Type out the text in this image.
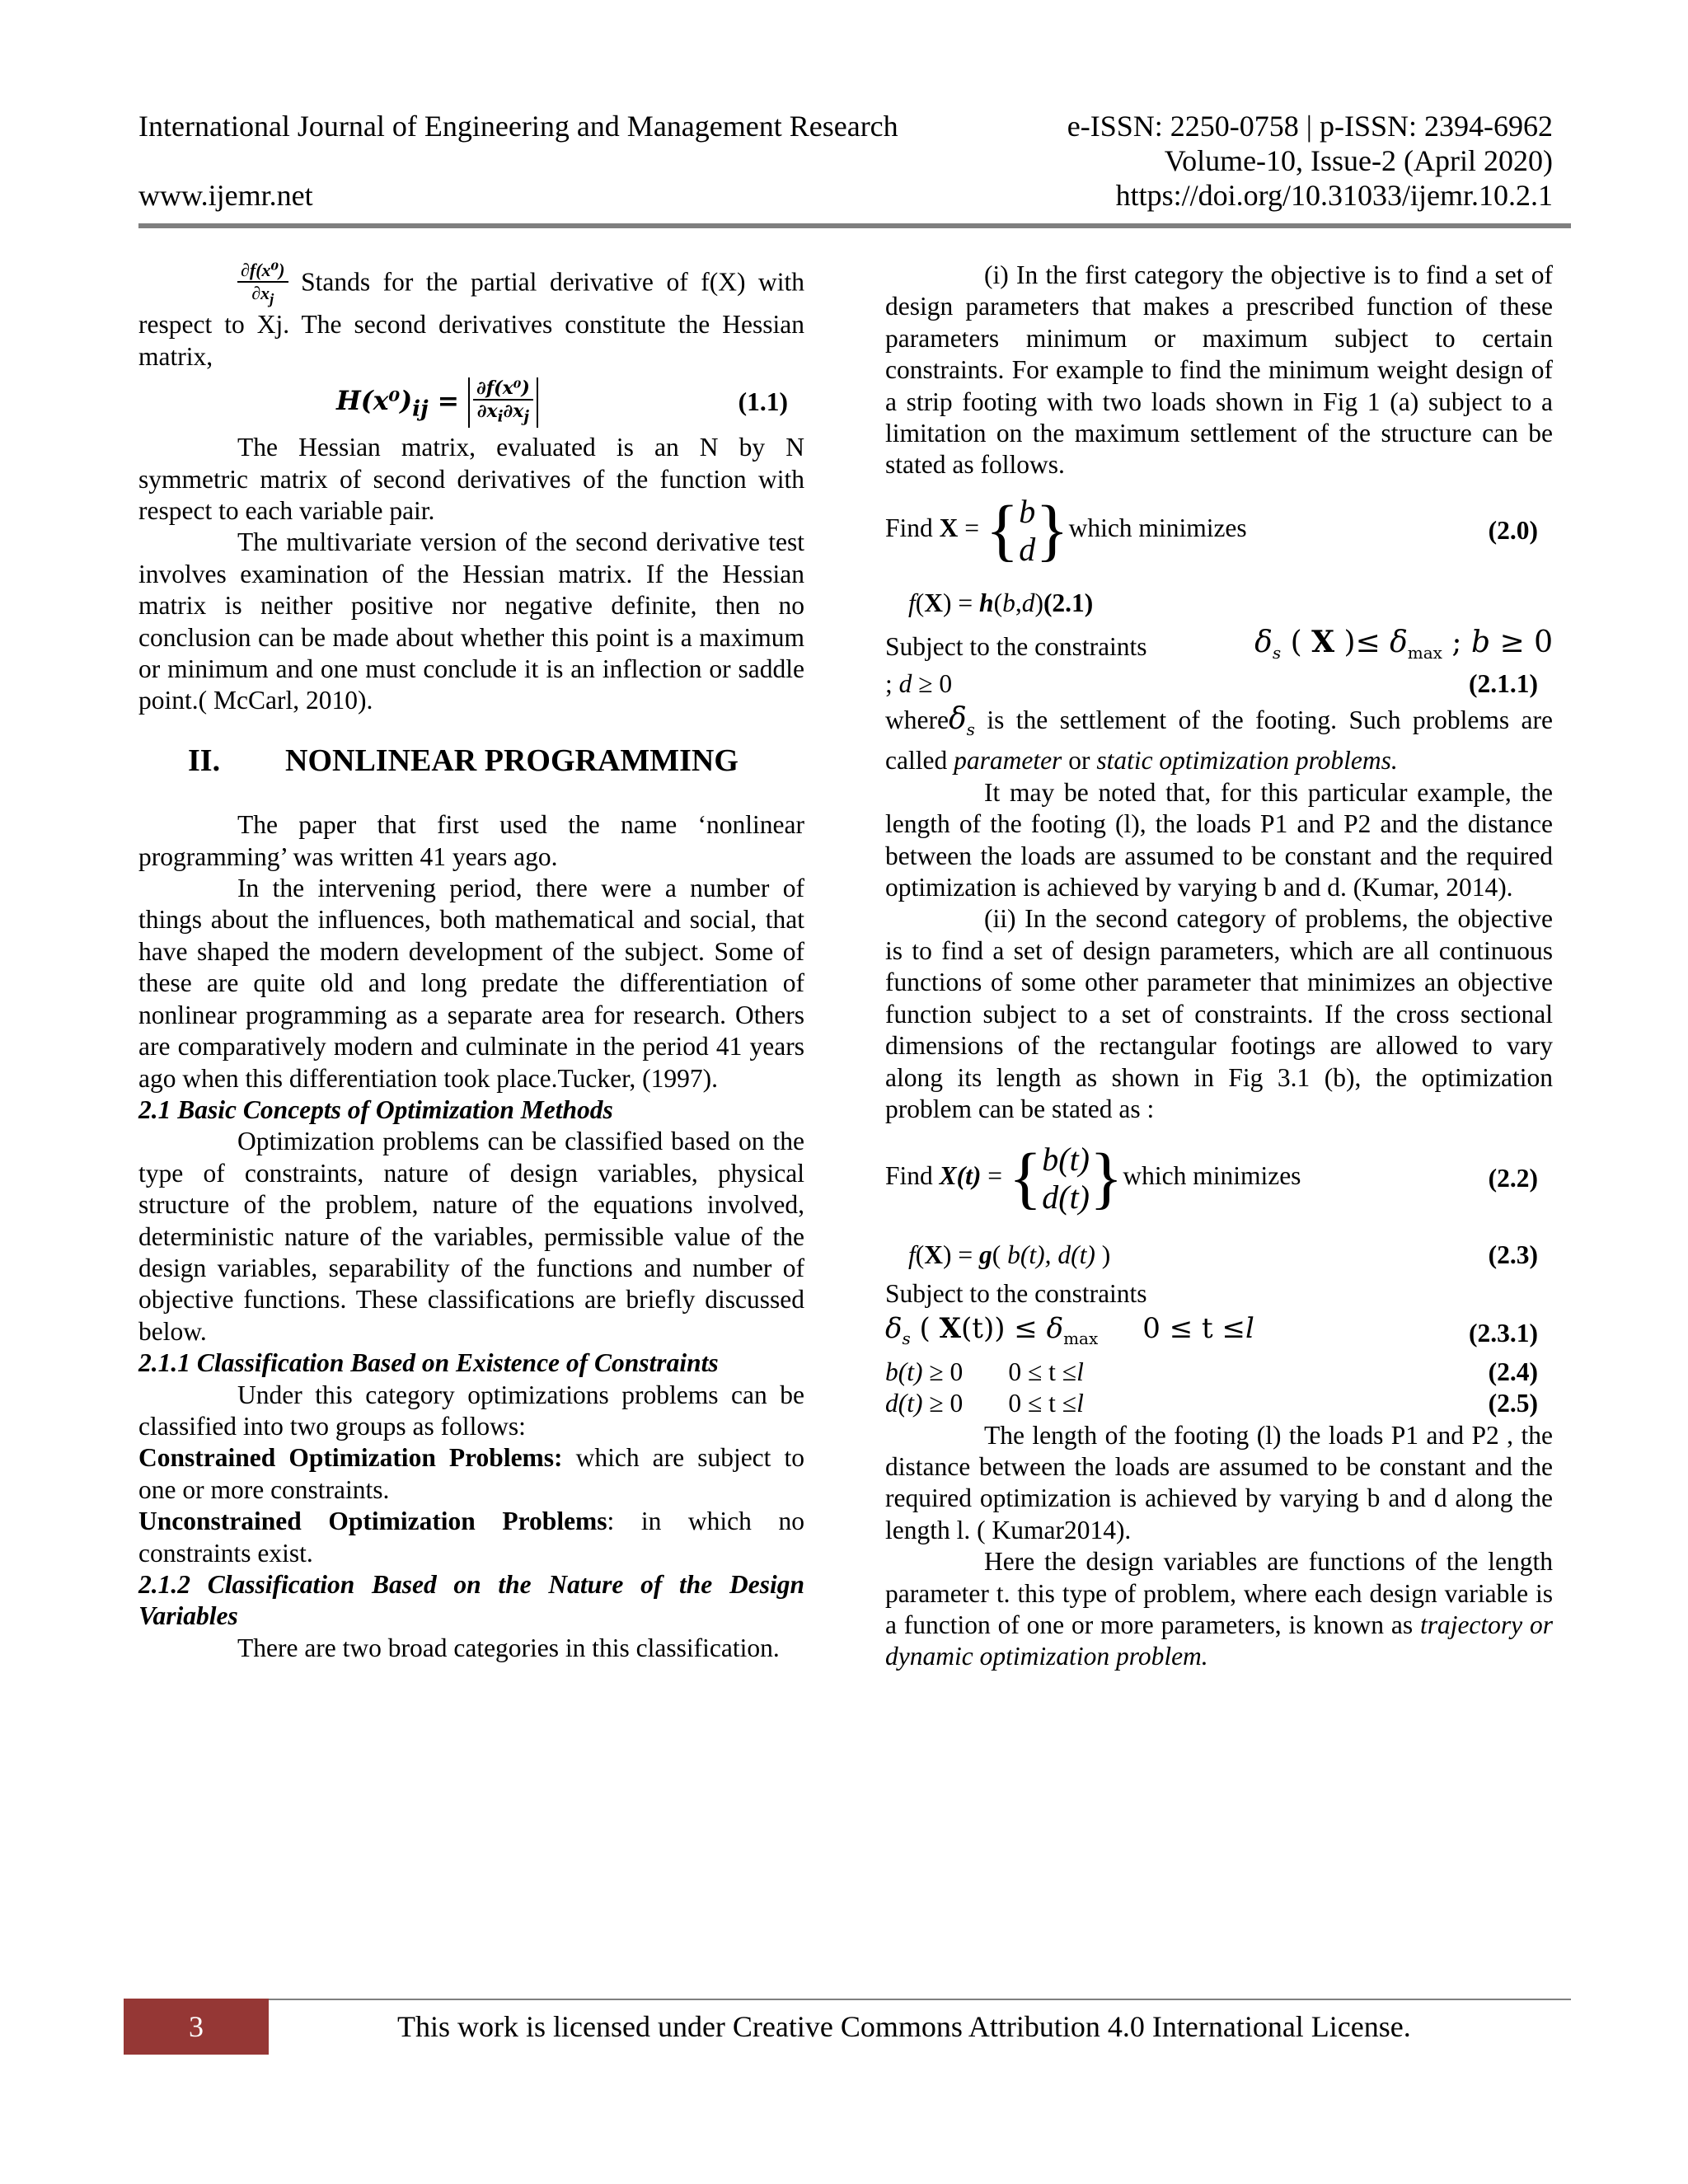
International Journal of Engineering and Management Research
www.ijemr.net
e-ISSN: 2250-0758 | p-ISSN: 2394-6962
Volume-10, Issue-2 (April 2020)
https://doi.org/10.31033/ijemr.10.2.1

$\frac{\text{∂f(x⁰)}}{\partial x_j}$ Stands for the partial derivative of f(X) with respect to Xj. The second derivatives constitute the Hessian matrix,

$H(x^0)_{ij} = \frac{\text{∂f(x⁰)}}{\partial x_i\partial x_j}$	(1.1)

The Hessian matrix, evaluated is an N by N symmetric matrix of second derivatives of the function with respect to each variable pair.

The multivariate version of the second derivative test involves examination of the Hessian matrix. If the Hessian matrix is neither positive nor negative definite, then no conclusion can be made about whether this point is a maximum or minimum and one must conclude it is an inflection or saddle point.( McCarl, 2010).

II. NONLINEAR PROGRAMMING

The paper that first used the name ‘nonlinear programming’ was written 41 years ago.

In the intervening period, there were a number of things about the influences, both mathematical and social, that have shaped the modern development of the subject. Some of these are quite old and long predate the differentiation of nonlinear programming as a separate area for research. Others are comparatively modern and culminate in the period 41 years ago when this differentiation took place.Tucker, (1997).

2.1 Basic Concepts of Optimization Methods

Optimization problems can be classified based on the type of constraints, nature of design variables, physical structure of the problem, nature of the equations involved, deterministic nature of the variables, permissible value of the design variables, separability of the functions and number of objective functions. These classifications are briefly discussed below.

2.1.1 Classification Based on Existence of Constraints

Under this category optimizations problems can be classified into two groups as follows:

Constrained Optimization Problems: which are subject to one or more constraints.

Unconstrained Optimization Problems: in which no constraints exist.

2.1.2 Classification Based on the Nature of the Design Variables

There are two broad categories in this classification.

(i) In the first category the objective is to find a set of design parameters that makes a prescribed function of these parameters minimum or maximum subject to certain constraints. For example to find the minimum weight design of a strip footing with two loads shown in Fig 1 (a) subject to a limitation on the maximum settlement of the structure can be stated as follows.

Find X = { b
d }which minimizes	(2.0)
f(X) = h(b,d)(2.1)
Subject to the constraints	$\delta_s$ ( X )≤ $\delta_{max}$ ; b ≥ 0
; d ≥ 0	(2.1.1)

whereδ$_s$ is the settlement of the footing. Such problems are called parameter or static optimization problems.

It may be noted that, for this particular example, the length of the footing (l), the loads P1 and P2 and the distance between the loads are assumed to be constant and the required optimization is achieved by varying b and d. (Kumar, 2014).

(ii) In the second category of problems, the objective is to find a set of design parameters, which are all continuous functions of some other parameter that minimizes an objective function subject to a set of constraints. If the cross sectional dimensions of the rectangular footings are allowed to vary along its length as shown in Fig 3.1 (b), the optimization problem can be stated as :

Find X(t) = { b(t)
d(t) }which minimizes	(2.2)
f(X) = g( b(t), d(t) )	(2.3)

Subject to the constraints

$\delta_s$ ( $X(t)) \le \delta_{max}$     0 ≤ t ≤l	(2.3.1)
b(t) ≥ 0       0 ≤ t ≤l	(2.4)
d(t) ≥ 0       0 ≤ t ≤l	(2.5)

The length of the footing (l) the loads P1 and P2 , the distance between the loads are assumed to be constant and the required optimization is achieved by varying b and d along the length l. ( Kumar2014).

Here the design variables are functions of the length parameter t. this type of problem, where each design variable is a function of one or more parameters, is known as trajectory or dynamic optimization problem.

3	This work is licensed under Creative Commons Attribution 4.0 International License.
